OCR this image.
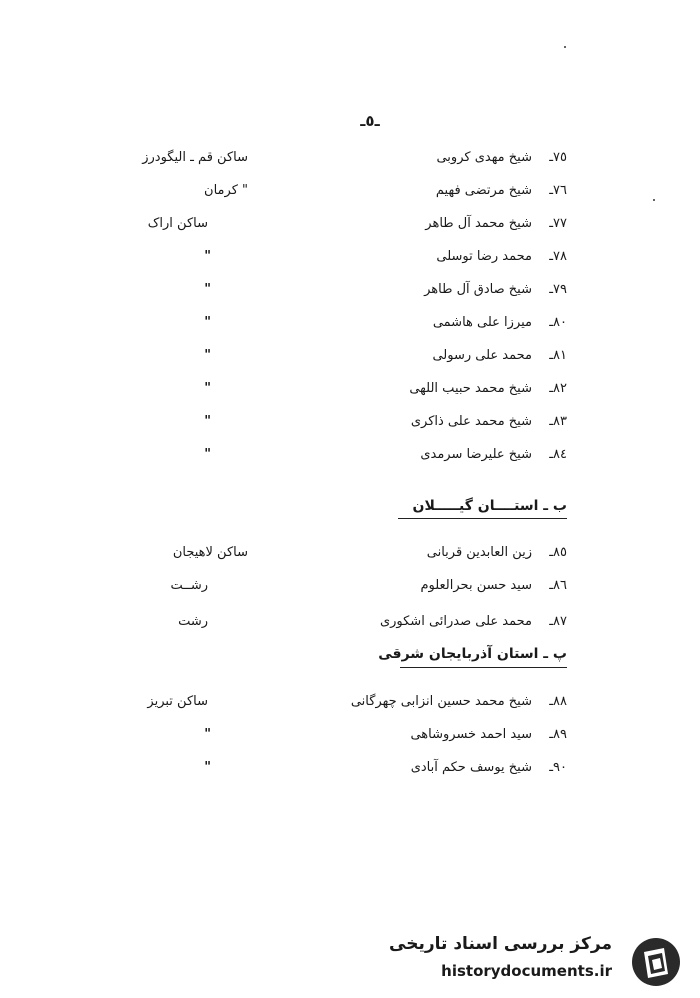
ـ٥ـ
٧٥ـ
شیخ مهدی کروبی
ساکن قم ـ الیگودرز
٧٦ـ
شیخ مرتضی فهیم
" کرمان
٧٧ـ
شیخ محمد آل طاهر
ساکن اراک
٧٨ـ
محمد رضا توسلی
"
٧٩ـ
شیخ صادق آل طاهر
"
٨٠ـ
میرزا علی هاشمی
"
٨١ـ
محمد علی رسولی
"
٨٢ـ
شیخ محمد حبیب اللهی
"
٨٣ـ
شیخ محمد علی ذاکری
"
٨٤ـ
شیخ علیرضا سرمدی
"
ب ـ استــــان گیـــــلان
٨٥ـ
زین العابدین قربانی
ساکن لاهیجان
٨٦ـ
سید حسن بحرالعلوم
رشــت
٨٧ـ
محمد علی صدرائی اشکوری
رشت
پ ـ استان آذربایجان شرقی
٨٨ـ
شیخ محمد حسین انزابی چهرگانی
ساکن تبریز
٨٩ـ
سید احمد خسروشاهی
"
٩٠ـ
شیخ یوسف حکم آبادی
"
مرکز بررسی اسناد تاریخی
historydocuments.ir
